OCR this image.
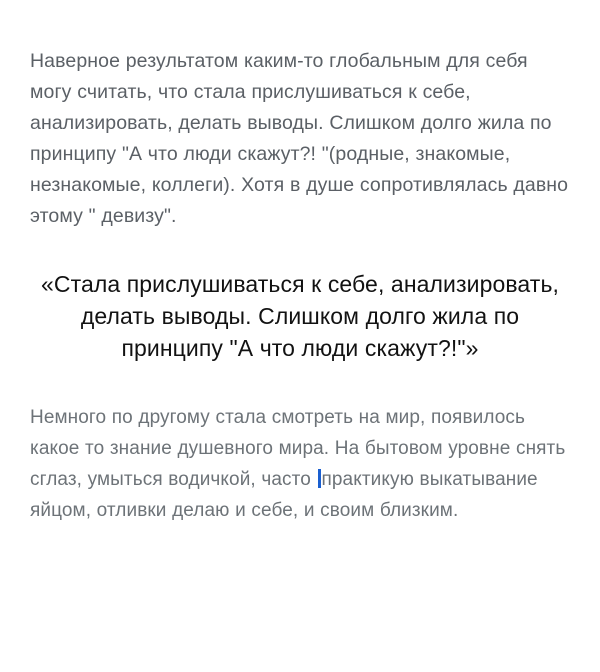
Наверное результатом каким-то глобальным для себя могу считать, что стала прислушиваться к себе, анализировать, делать выводы. Слишком долго жила по принципу "А что люди скажут?! "(родные, знакомые, незнакомые, коллеги). Хотя в душе сопротивлялась давно этому " девизу".

«Стала прислушиваться к себе, анализировать, делать выводы. Слишком долго жила по принципу "А что люди скажут?!"»

Немного по другому стала смотреть на мир, появилось какое то знание душевного мира. На бытовом уровне снять сглаз, умыться водичкой, часто практикую выкатывание яйцом, отливки делаю и себе, и своим близким.
